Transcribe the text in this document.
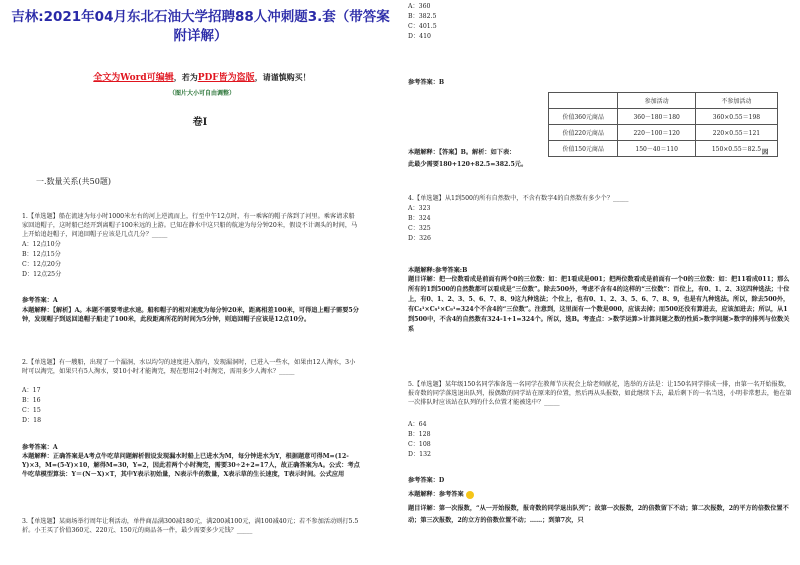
吉林:2021年04月东北石油大学招聘88人冲刺题3.套（带答案附详解）
全文为Word可编辑，若为PDF皆为盗版，请谨慎购买！
（图片大小可自由调整）
卷I
一.数量关系(共50题)
1.【单选题】船在流速为每小时1000米左右的河上逆流而上，行至中午12点时，有一乘客的帽子落到了河里。乘客请求船家回追帽子，这时船已经开到离帽子100米远的上游。已知在静水中这只船的航速为每分钟20米，假设不计调头的时间，马上开始追赶帽子，问追回帽子应该是几点几分？_____
A：12点10分
B：12点15分
C：12点20分
D：12点25分
参考答案：A
本题解释：【解析】A。本题不需要考虑水速。船和帽子的相对速度为每分钟20米，距离相差100米，可得追上帽子需要5分钟，发现帽子到返回追帽子船走了100米，此段距离所花的时间为5分钟，则追回帽子应该是12点10分。
2.【单选题】有一艘船，出现了一个漏洞，水以均匀的速度进入船内，发现漏洞时，已进入一些水，如果由12人淘水，3小时可以淘完，如果只有5人淘水，要10小时才能淘完，现在想用2小时淘完，需用多少人淘水？_____
A：17
B：16
C：15
D：18
参考答案：A
本题解释：正确答案是A考点牛吃草问题解析假设发现漏水时船上已进水为M，每分钟进水为Y，根据题意可得M=(12-Y)×3，M=(5-Y)×10，解得M=30，Y=2，因此若两个小时淘完，需要30÷2+2=17人，故正确答案为A。公式：考点牛吃草模型算法：Y＝(N－X)×T，其中Y表示初始量，N表示牛的数量，X表示草的生长速度，T表示时间。公式应用
3.【单选题】某商场举行周年让利活动，单件商品满300减180元，满200减100元，满100减40元；若不参加活动则打5.5折。小王买了价值360元、220元、150元的商品各一件，最少需要多少元钱？_____
A：360
B：382.5
C：401.5
D：410
参考答案：B
	参加活动	不参加活动
价值360元商品	360－180＝180	360×0.55＝198
价值220元商品	220－100＝120	220×0.55＝121
价值150元商品	150－40＝110	150×0.55＝82.5
本题解释：【答案】B。解析：如下表：	因
此最少需要180+120+82.5=382.5元。
4.【单选题】从1到500的所有自然数中，不含有数字4的自然数有多少个？_____
A：323
B：324
C：325
D：326
本题解释:参考答案:B
题目详解：把一位数看成是前面有两个0的三位数：如：把1看成是001；把两位数看成是前面有一个0的三位数：如：把11看成011；那么所有的1到500的自然数都可以看成是“三位数”。除去500外，考虑不含有4的这样的“三位数”：百位上，有0、1、2、3这四种选法；十位上，有0、1、2、3、5、6、7、8、9这九种选法；个位上，也有0、1、2、3、5、6、7、8、9，也是有九种选法。所以，除去500外，有C₄¹×C₉¹×C₉¹=324个不含4的“三位数”。注意到，这里面有一个数是000，应该去掉；而500还没有算进去，应该加进去；所以，从1到500中，不含4的自然数有324-1+1=324个。所以，选B。考查点：>数学运算>计算问题之数的性质>数字问题>数字的排列与位数关系
5.【单选题】某年级150名同学准备选一名同学在教师节庆祝会上给老师献花，选举的方法是：让150名同学排成一排，由第一名开始报数，报奇数的同学落选退出队列，报偶数的同学站在原来的位置，然后再从头报数，如此继续下去，最后剩下的一名当选，小明非常想去，他在第一次排队时应该站在队列的什么位置才能被选中？_____
A：64
B：128
C：108
D：132
参考答案：D
本题解释：参考答案
题目详解：第一次报数，“从一开始报数，报奇数的同学退出队列”；故第一次报数，2的倍数留下不动；第二次报数，2的平方的倍数位置不动；第三次报数，2的立方的倍数位置不动；……；到第7次，只
